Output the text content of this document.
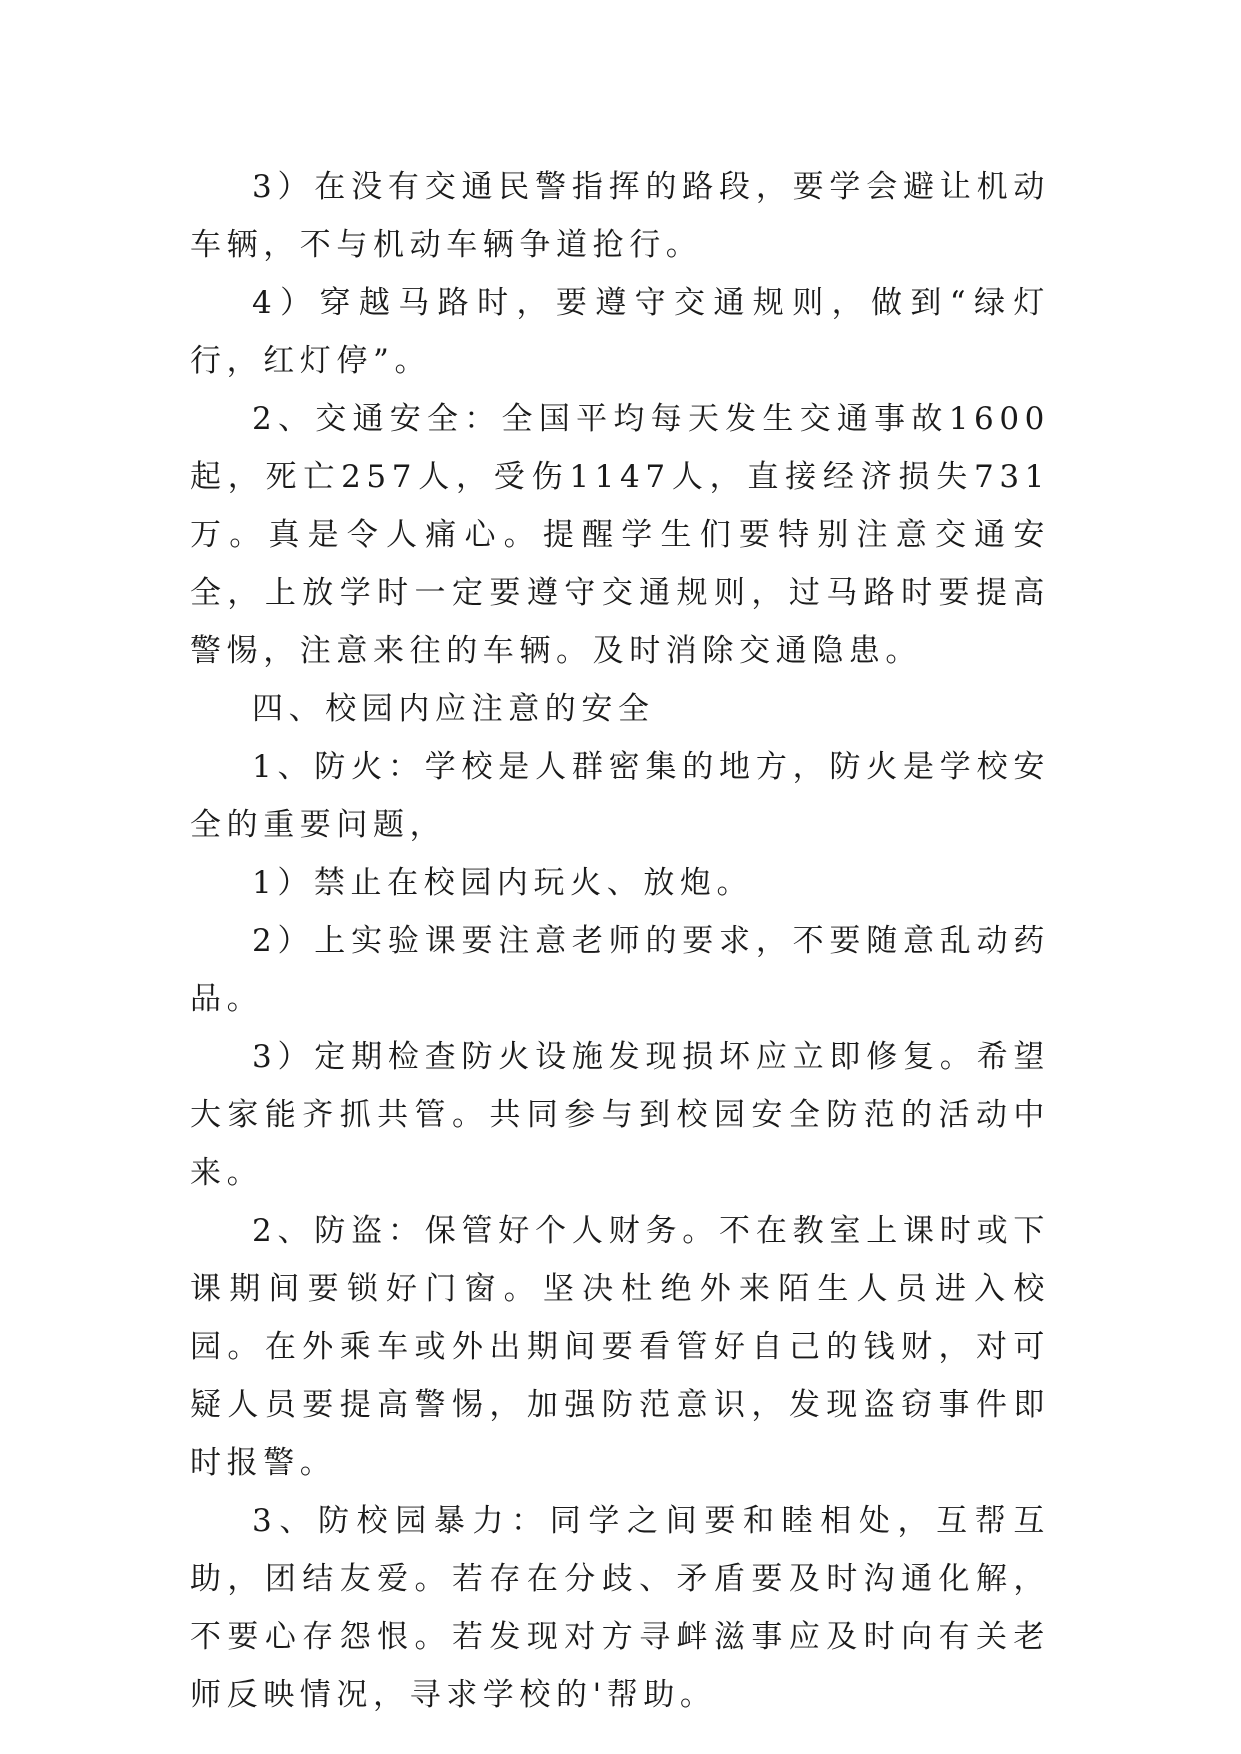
3）在没有交通民警指挥的路段，要学会避让机动车辆，不与机动车辆争道抢行。

4）穿越马路时，要遵守交通规则，做到“绿灯行，红灯停”。

2、交通安全：全国平均每天发生交通事故1600起，死亡257人，受伤1147人，直接经济损失731万。真是令人痛心。提醒学生们要特别注意交通安全，上放学时一定要遵守交通规则，过马路时要提高警惕，注意来往的车辆。及时消除交通隐患。

四、校园内应注意的安全

1、防火：学校是人群密集的地方，防火是学校安全的重要问题，

1）禁止在校园内玩火、放炮。

2）上实验课要注意老师的要求，不要随意乱动药品。

3）定期检查防火设施发现损坏应立即修复。希望大家能齐抓共管。共同参与到校园安全防范的活动中来。

2、防盗：保管好个人财务。不在教室上课时或下课期间要锁好门窗。坚决杜绝外来陌生人员进入校园。在外乘车或外出期间要看管好自己的钱财，对可疑人员要提高警惕，加强防范意识，发现盗窃事件即时报警。

3、防校园暴力：同学之间要和睦相处，互帮互助，团结友爱。若存在分歧、矛盾要及时沟通化解，不要心存怨恨。若发现对方寻衅滋事应及时向有关老师反映情况，寻求学校的'帮助。
